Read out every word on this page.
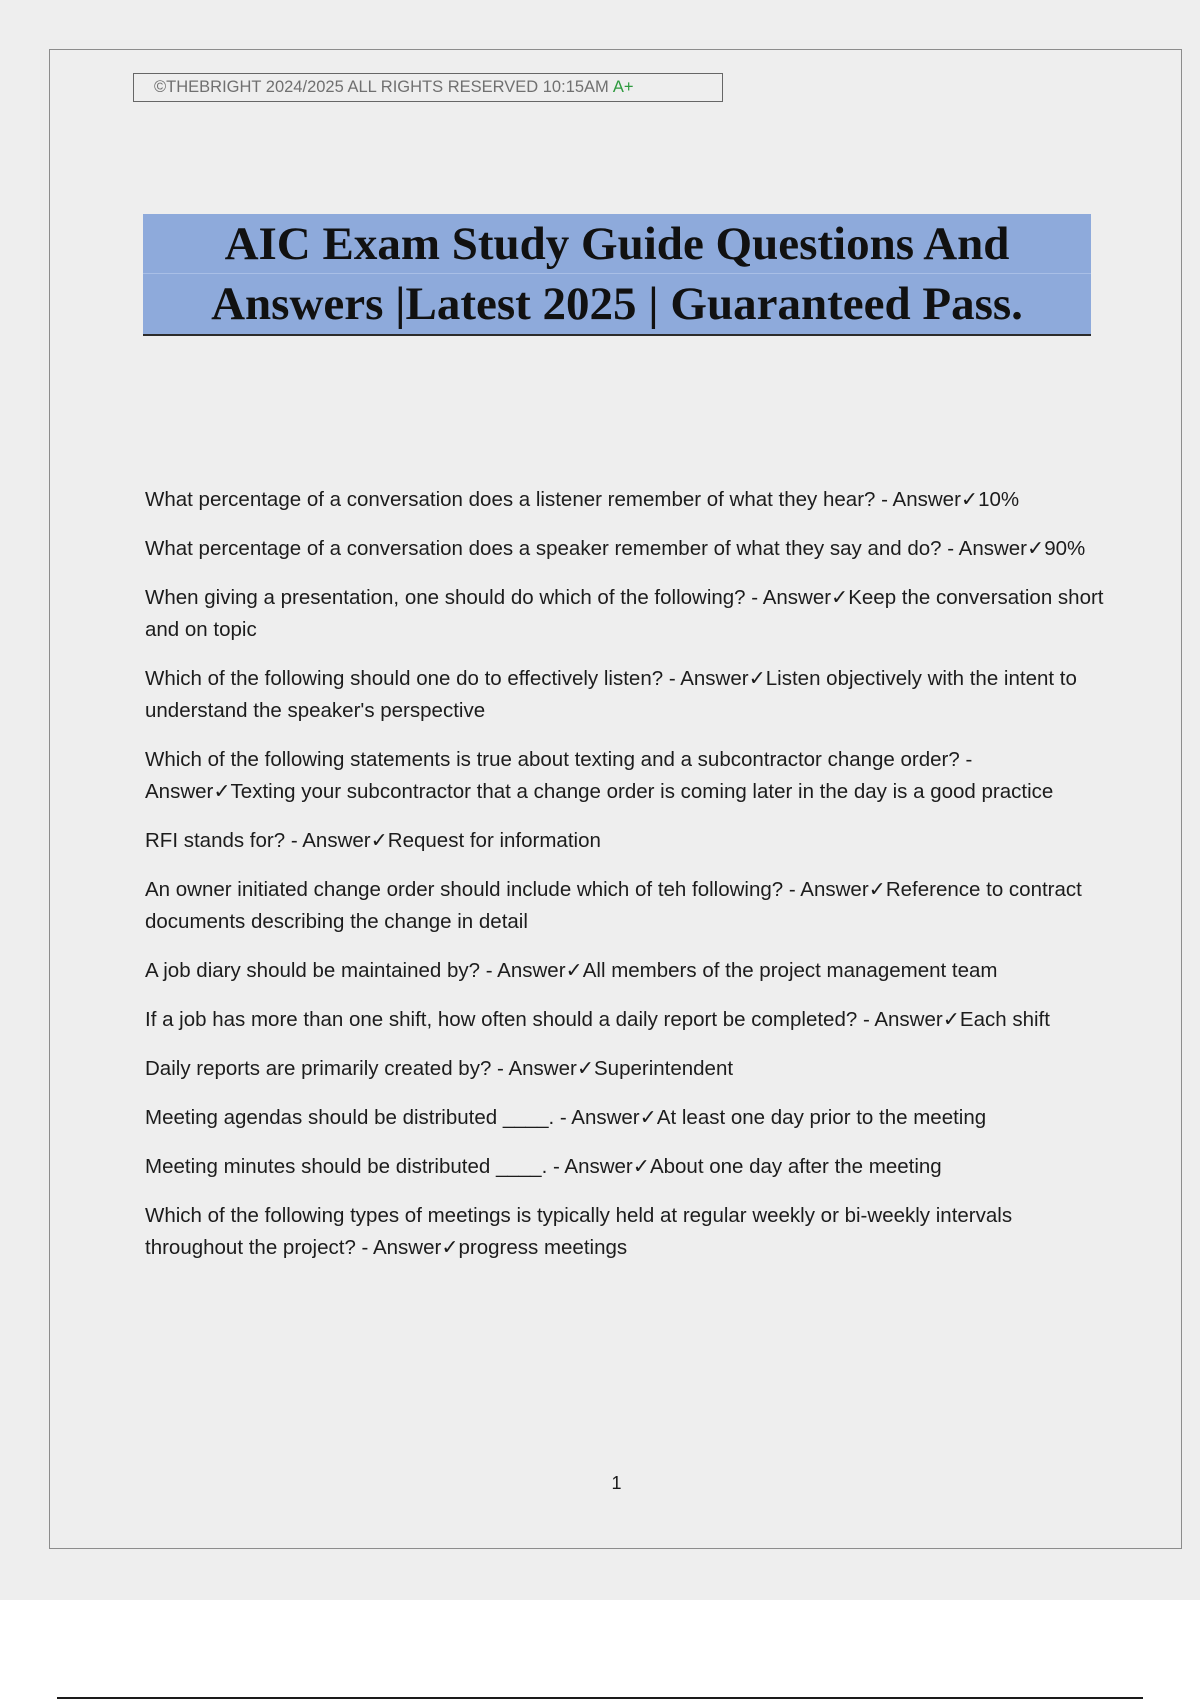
©THEBRIGHT 2024/2025 ALL RIGHTS RESERVED 10:15AM A+
AIC Exam Study Guide Questions And
Answers |Latest 2025 | Guaranteed Pass.
What percentage of a conversation does a listener remember of what they hear? - Answer✓10%
What percentage of a conversation does a speaker remember of what they say and do? - Answer✓90%
When giving a presentation, one should do which of the following? - Answer✓Keep the conversation short and on topic
Which of the following should one do to effectively listen? - Answer✓Listen objectively with the intent to understand the speaker's perspective
Which of the following statements is true about texting and a subcontractor change order? - Answer✓Texting your subcontractor that a change order is coming later in the day is a good practice
RFI stands for? - Answer✓Request for information
An owner initiated change order should include which of teh following? - Answer✓Reference to contract documents describing the change in detail
A job diary should be maintained by? - Answer✓All members of the project management team
If a job has more than one shift, how often should a daily report be completed? - Answer✓Each shift
Daily reports are primarily created by? - Answer✓Superintendent
Meeting agendas should be distributed ____. - Answer✓At least one day prior to the meeting
Meeting minutes should be distributed ____. - Answer✓About one day after the meeting
Which of the following types of meetings is typically held at regular weekly or bi-weekly intervals throughout the project? - Answer✓progress meetings
1
